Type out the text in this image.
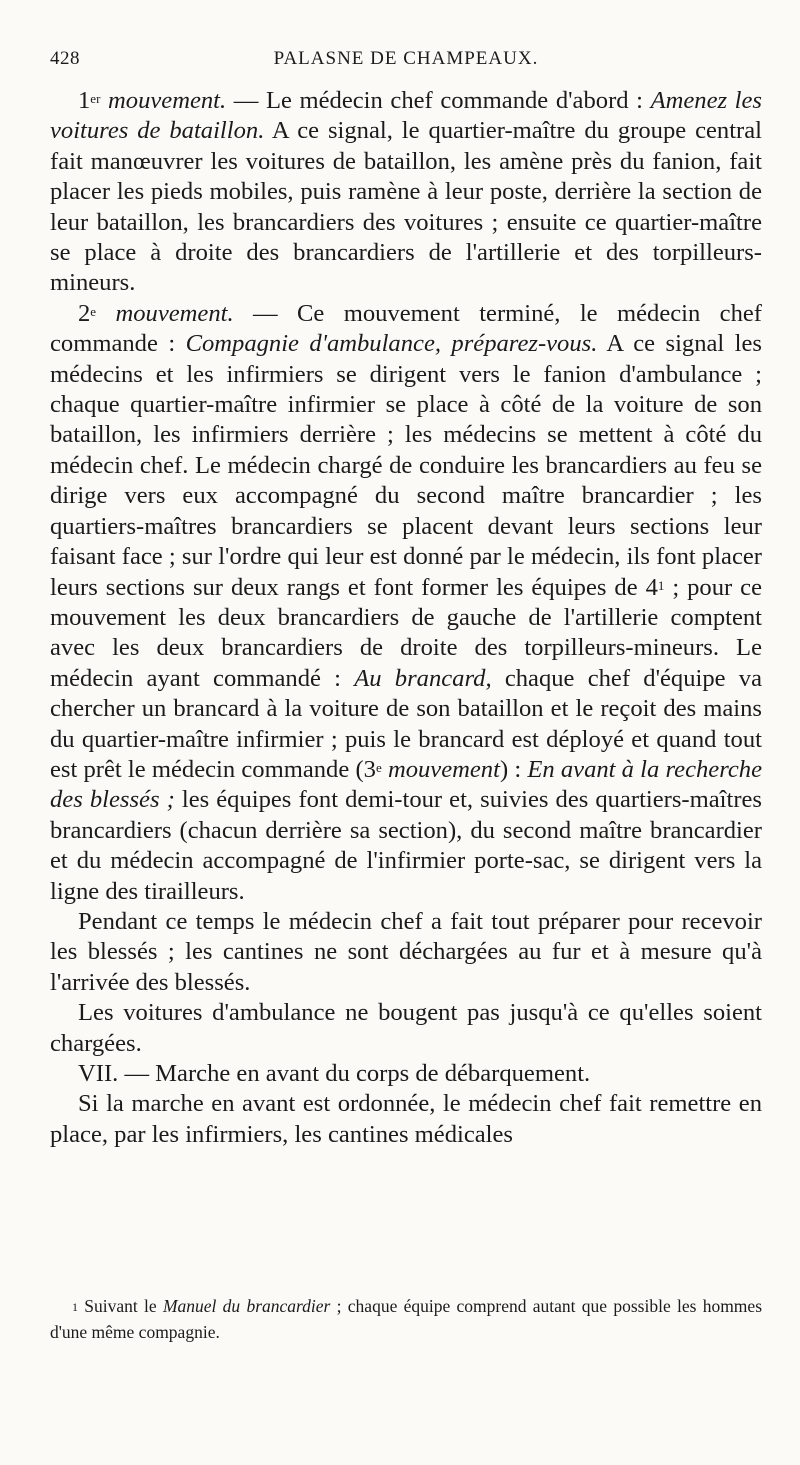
428	PALASNE DE CHAMPEAUX.

1er mouvement. — Le médecin chef commande d'abord : Amenez les voitures de bataillon. A ce signal, le quartier-maître du groupe central fait manœuvrer les voitures de bataillon, les amène près du fanion, fait placer les pieds mobiles, puis ramène à leur poste, derrière la section de leur bataillon, les brancardiers des voitures ; ensuite ce quartier-maître se place à droite des brancardiers de l'artillerie et des torpilleurs-mineurs.

2e mouvement. — Ce mouvement terminé, le médecin chef commande : Compagnie d'ambulance, préparez-vous. A ce signal les médecins et les infirmiers se dirigent vers le fanion d'ambulance ; chaque quartier-maître infirmier se place à côté de la voiture de son bataillon, les infirmiers derrière ; les médecins se mettent à côté du médecin chef. Le médecin chargé de conduire les brancardiers au feu se dirige vers eux accompagné du second maître brancardier ; les quartiers-maîtres brancardiers se placent devant leurs sections leur faisant face ; sur l'ordre qui leur est donné par le médecin, ils font placer leurs sections sur deux rangs et font former les équipes de $4^1$ ; pour ce mouvement les deux brancardiers de gauche de l'artillerie comptent avec les deux brancardiers de droite des torpilleurs-mineurs. Le médecin ayant commandé : Au brancard, chaque chef d'équipe va chercher un brancard à la voiture de son bataillon et le reçoit des mains du quartier-maître infirmier ; puis le brancard est déployé et quand tout est prêt le médecin commande (3e mouvement) : En avant à la recherche des blessés ; les équipes font demi-tour et, suivies des quartiers-maîtres brancardiers (chacun derrière sa section), du second maître brancardier et du médecin accompagné de l'infirmier porte-sac, se dirigent vers la ligne des tirailleurs.

Pendant ce temps le médecin chef a fait tout préparer pour recevoir les blessés ; les cantines ne sont déchargées au fur et à mesure qu'à l'arrivée des blessés.

Les voitures d'ambulance ne bougent pas jusqu'à ce qu'elles soient chargées.

VII. — Marche en avant du corps de débarquement.

Si la marche en avant est ordonnée, le médecin chef fait remettre en place, par les infirmiers, les cantines médicales

$^1$ Suivant le Manuel du brancardier ; chaque équipe comprend autant que possible les hommes d'une même compagnie.
